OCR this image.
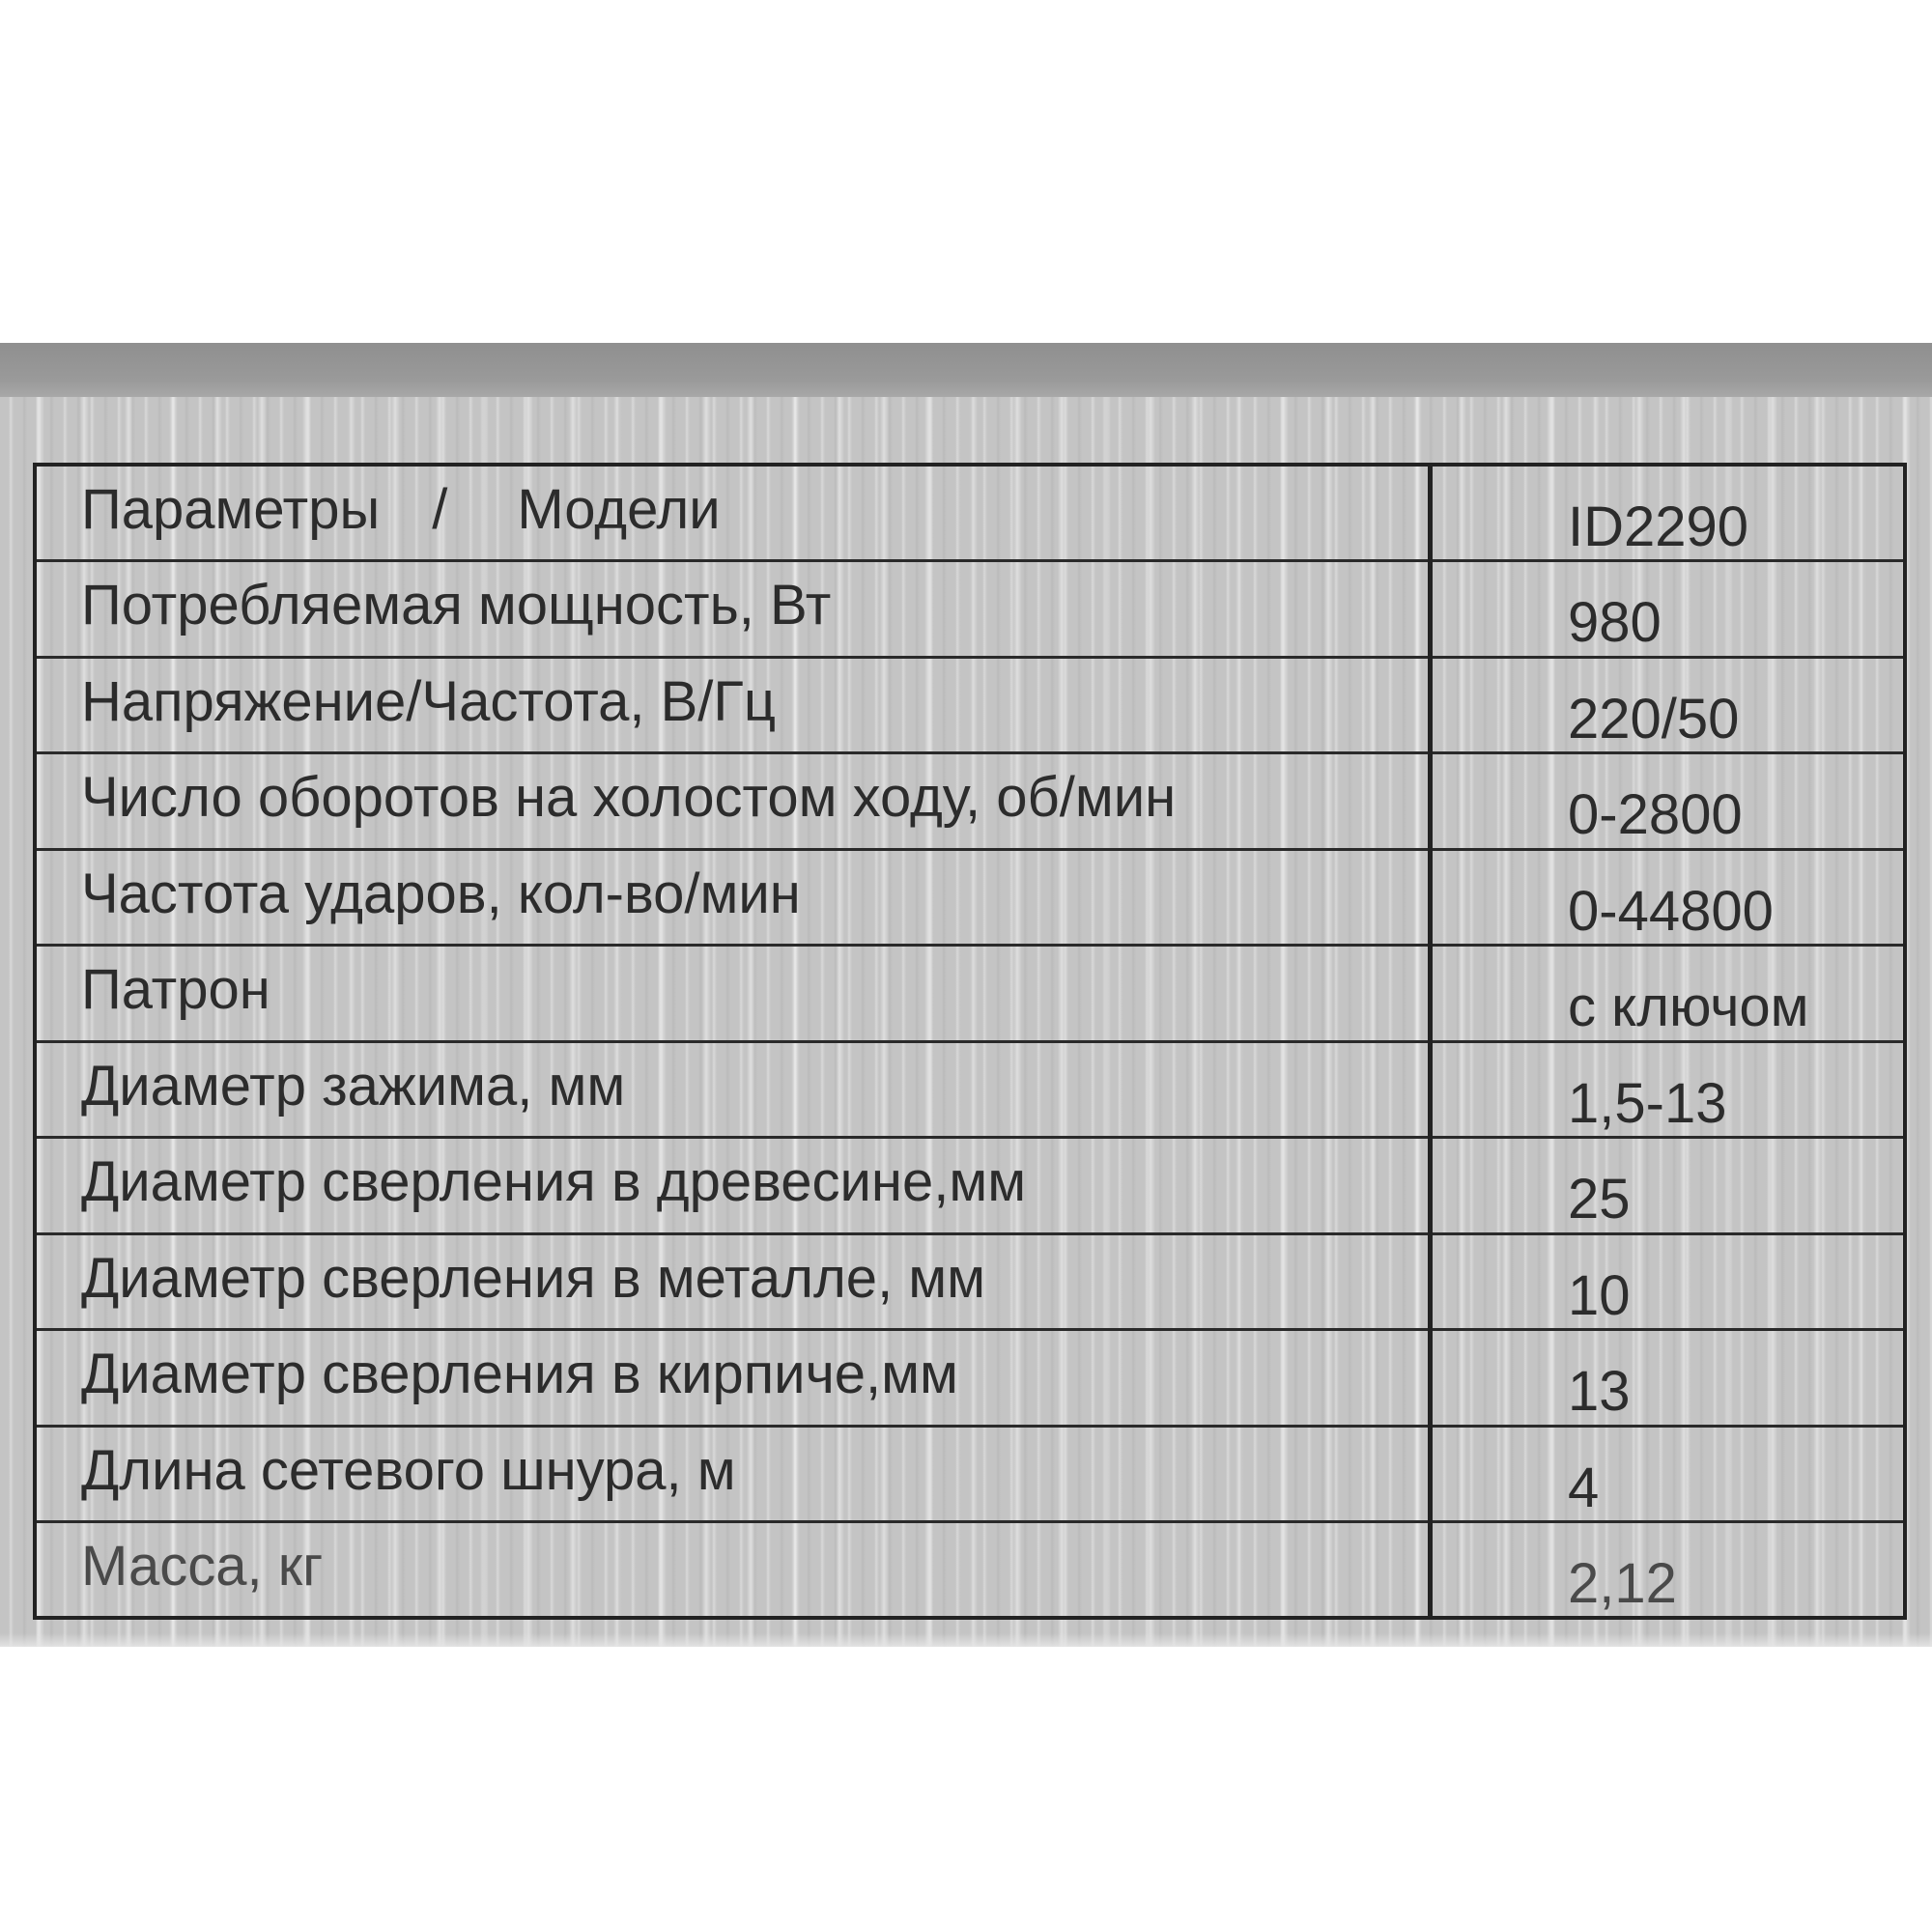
Параметры / Модели	ID2290
Потребляемая мощность, Вт	980
Напряжение/Частота, В/Гц	220/50
Число оборотов на холостом ходу, об/мин	0-2800
Частота ударов, кол-во/мин	0-44800
Патрон	с ключом
Диаметр зажима, мм	1,5-13
Диаметр сверления в древесине,мм	25
Диаметр сверления в металле, мм	10
Диаметр сверления в кирпиче,мм	13
Длина сетевого шнура, м	4
Масса, кг	2,12
